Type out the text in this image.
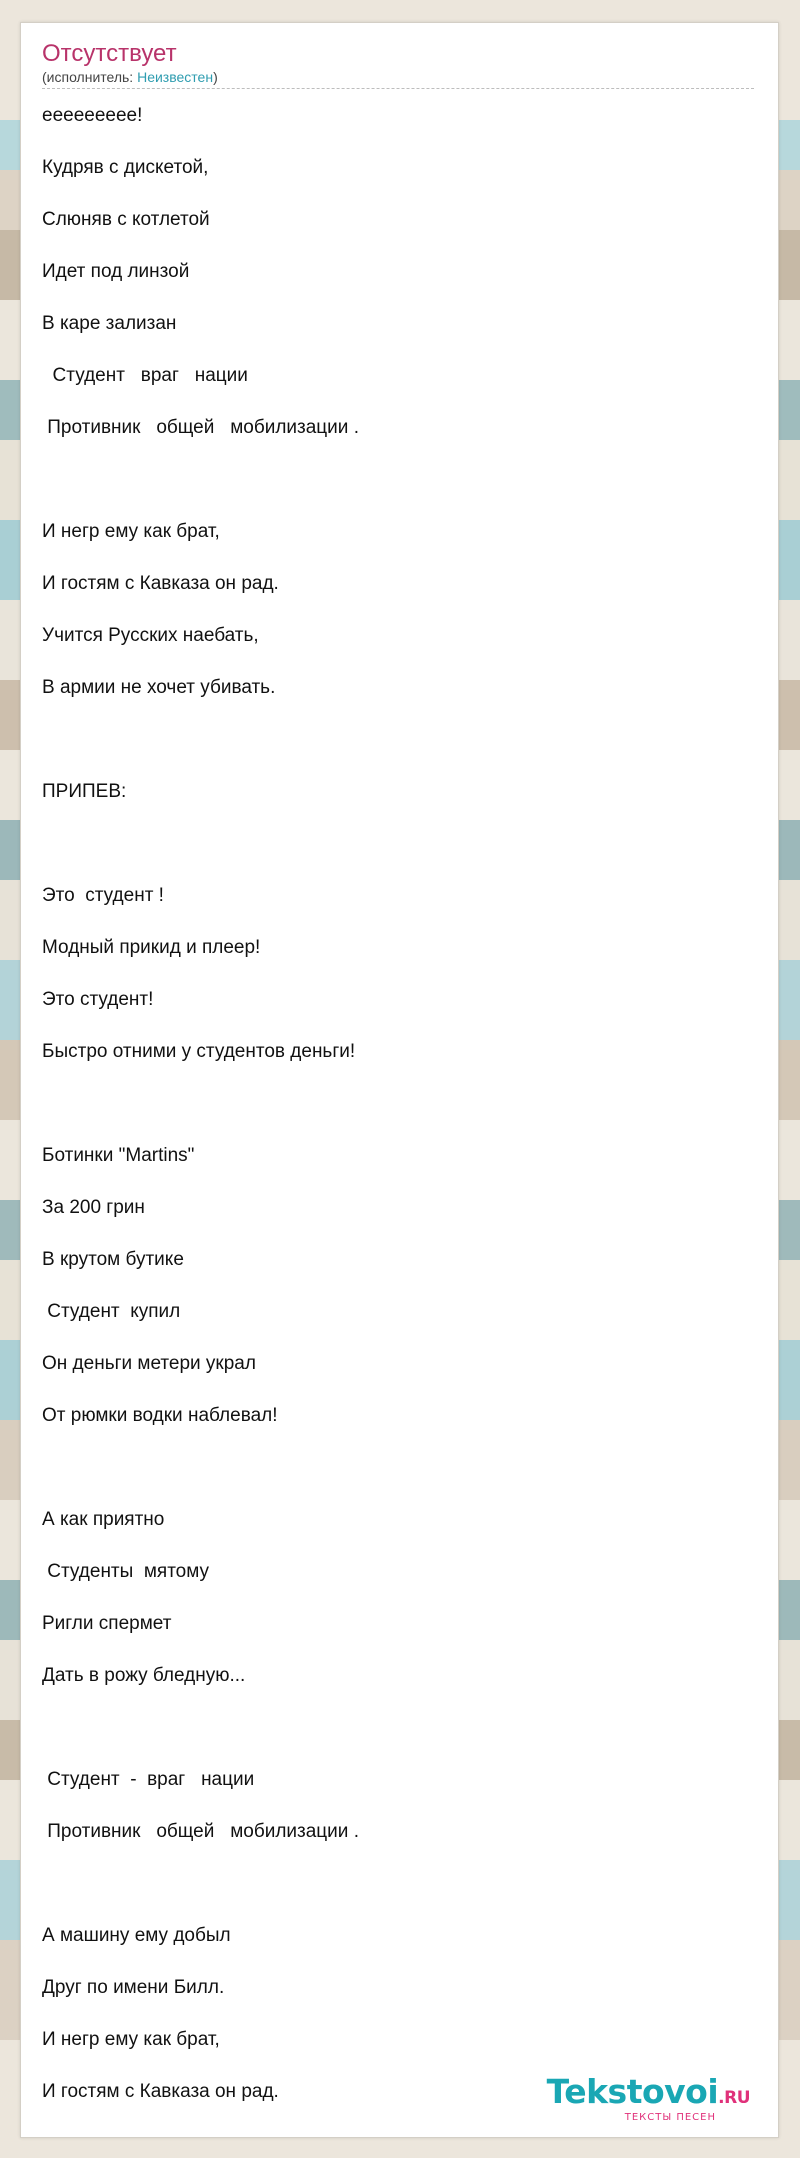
Отсутствует
(исполнитель: Неизвестен)
еееееееее!
Кудряв с дискетой,
Слюняв с котлетой
Идет под линзой
В каре зализан
Студент   враг   нации
Противник   общей   мобилизации .
И негр ему как брат,
И гостям с Кавказа он рад.
Учится Русских наебать,
В армии не хочет убивать.
ПРИПЕВ:
Это  студент !
Модный прикид и плеер!
Это студент!
Быстро отними у студентов деньги!
Ботинки "Martins"
За 200 грин
В крутом бутике
Студент  купил
Он деньги метери украл
От рюмки водки наблевал!
А как приятно
Студенты  мятому
Ригли спермет
Дать в рожу бледную...
Студент  -  враг   нации
Противник   общей   мобилизации .
А машину ему добыл
Друг по имени Билл.
И негр ему как брат,
И гостям с Кавказа он рад.	Tekstovoi.RU
ТЕКСТЫ ПЕСЕН
